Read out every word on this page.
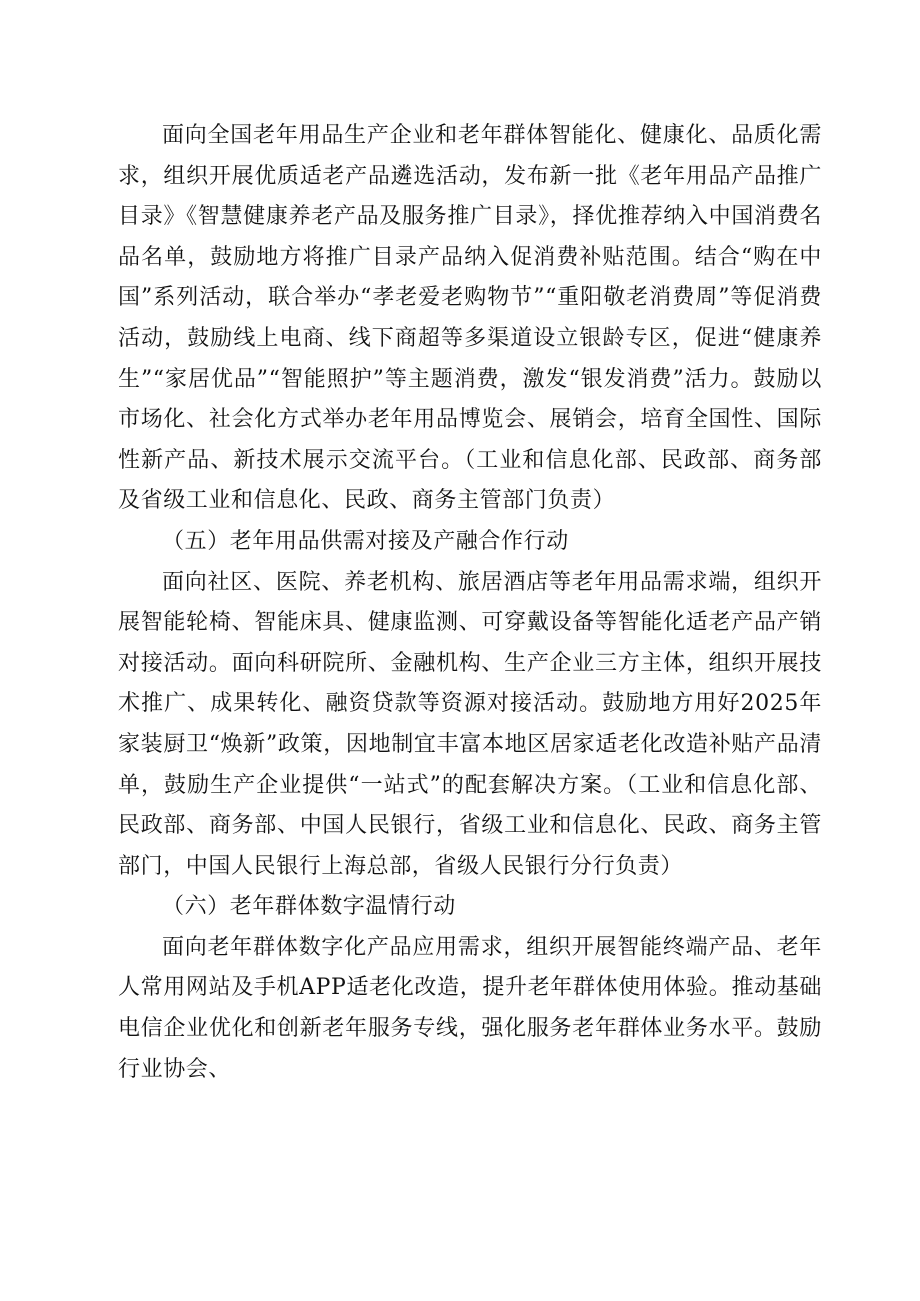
面向全国老年用品生产企业和老年群体智能化、健康化、品质化需求，组织开展优质适老产品遴选活动，发布新一批《老年用品产品推广目录》《智慧健康养老产品及服务推广目录》，择优推荐纳入中国消费名品名单，鼓励地方将推广目录产品纳入促消费补贴范围。结合“购在中国”系列活动，联合举办“孝老爱老购物节”“重阳敬老消费周”等促消费活动，鼓励线上电商、线下商超等多渠道设立银龄专区，促进“健康养生”“家居优品”“智能照护”等主题消费，激发“银发消费”活力。鼓励以市场化、社会化方式举办老年用品博览会、展销会，培育全国性、国际性新产品、新技术展示交流平台。（工业和信息化部、民政部、商务部及省级工业和信息化、民政、商务主管部门负责）

（五）老年用品供需对接及产融合作行动

面向社区、医院、养老机构、旅居酒店等老年用品需求端，组织开展智能轮椅、智能床具、健康监测、可穿戴设备等智能化适老产品产销对接活动。面向科研院所、金融机构、生产企业三方主体，组织开展技术推广、成果转化、融资贷款等资源对接活动。鼓励地方用好2025年家装厨卫“焕新”政策，因地制宜丰富本地区居家适老化改造补贴产品清单，鼓励生产企业提供“一站式”的配套解决方案。（工业和信息化部、民政部、商务部、中国人民银行，省级工业和信息化、民政、商务主管部门，中国人民银行上海总部，省级人民银行分行负责）

（六）老年群体数字温情行动

面向老年群体数字化产品应用需求，组织开展智能终端产品、老年人常用网站及手机APP适老化改造，提升老年群体使用体验。推动基础电信企业优化和创新老年服务专线，强化服务老年群体业务水平。鼓励行业协会、
